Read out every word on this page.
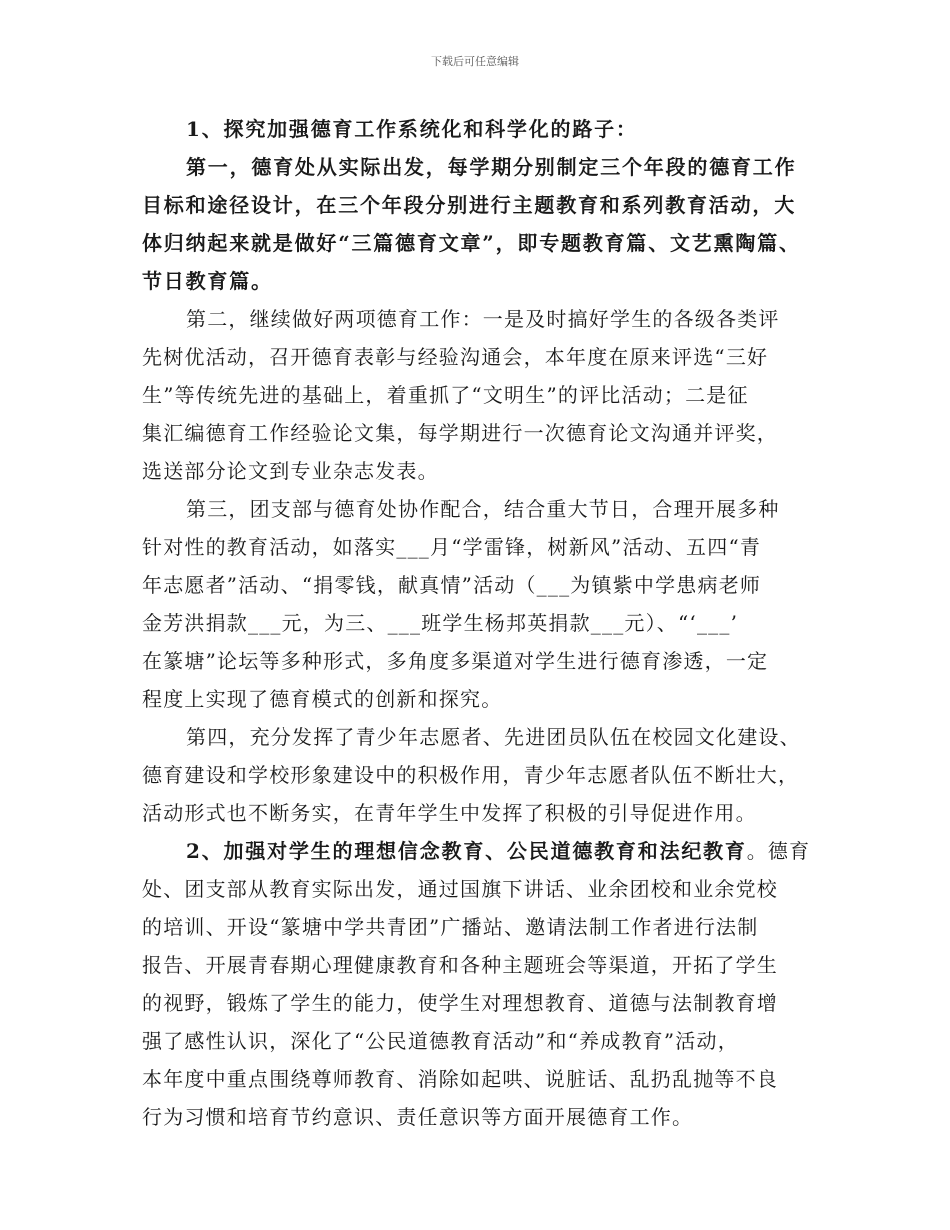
下载后可任意编辑
1、探究加强德育工作系统化和科学化的路子：
第一，德育处从实际出发，每学期分别制定三个年段的德育工作
目标和途径设计，在三个年段分别进行主题教育和系列教育活动，大
体归纳起来就是做好“三篇德育文章”，即专题教育篇、文艺熏陶篇、
节日教育篇。
第二，继续做好两项德育工作：一是及时搞好学生的各级各类评
先树优活动，召开德育表彰与经验沟通会，本年度在原来评选“三好
生”等传统先进的基础上，着重抓了“文明生”的评比活动；二是征
集汇编德育工作经验论文集，每学期进行一次德育论文沟通并评奖，
选送部分论文到专业杂志发表。
第三，团支部与德育处协作配合，结合重大节日，合理开展多种
针对性的教育活动，如落实___月“学雷锋，树新风”活动、五四“青
年志愿者”活动、“捐零钱，献真情”活动（___为镇紫中学患病老师
金芳洪捐款___元，为三、___班学生杨邦英捐款___元）、“‘___’
在篆塘”论坛等多种形式，多角度多渠道对学生进行德育渗透，一定
程度上实现了德育模式的创新和探究。
第四，充分发挥了青少年志愿者、先进团员队伍在校园文化建设、
德育建设和学校形象建设中的积极作用，青少年志愿者队伍不断壮大，
活动形式也不断务实，在青年学生中发挥了积极的引导促进作用。
2、加强对学生的理想信念教育、公民道德教育和法纪教育。德育
处、团支部从教育实际出发，通过国旗下讲话、业余团校和业余党校
的培训、开设“篆塘中学共青团”广播站、邀请法制工作者进行法制
报告、开展青春期心理健康教育和各种主题班会等渠道，开拓了学生
的视野，锻炼了学生的能力，使学生对理想教育、道德与法制教育增
强了感性认识，深化了“公民道德教育活动”和“养成教育”活动，
本年度中重点围绕尊师教育、消除如起哄、说脏话、乱扔乱抛等不良
行为习惯和培育节约意识、责任意识等方面开展德育工作。
